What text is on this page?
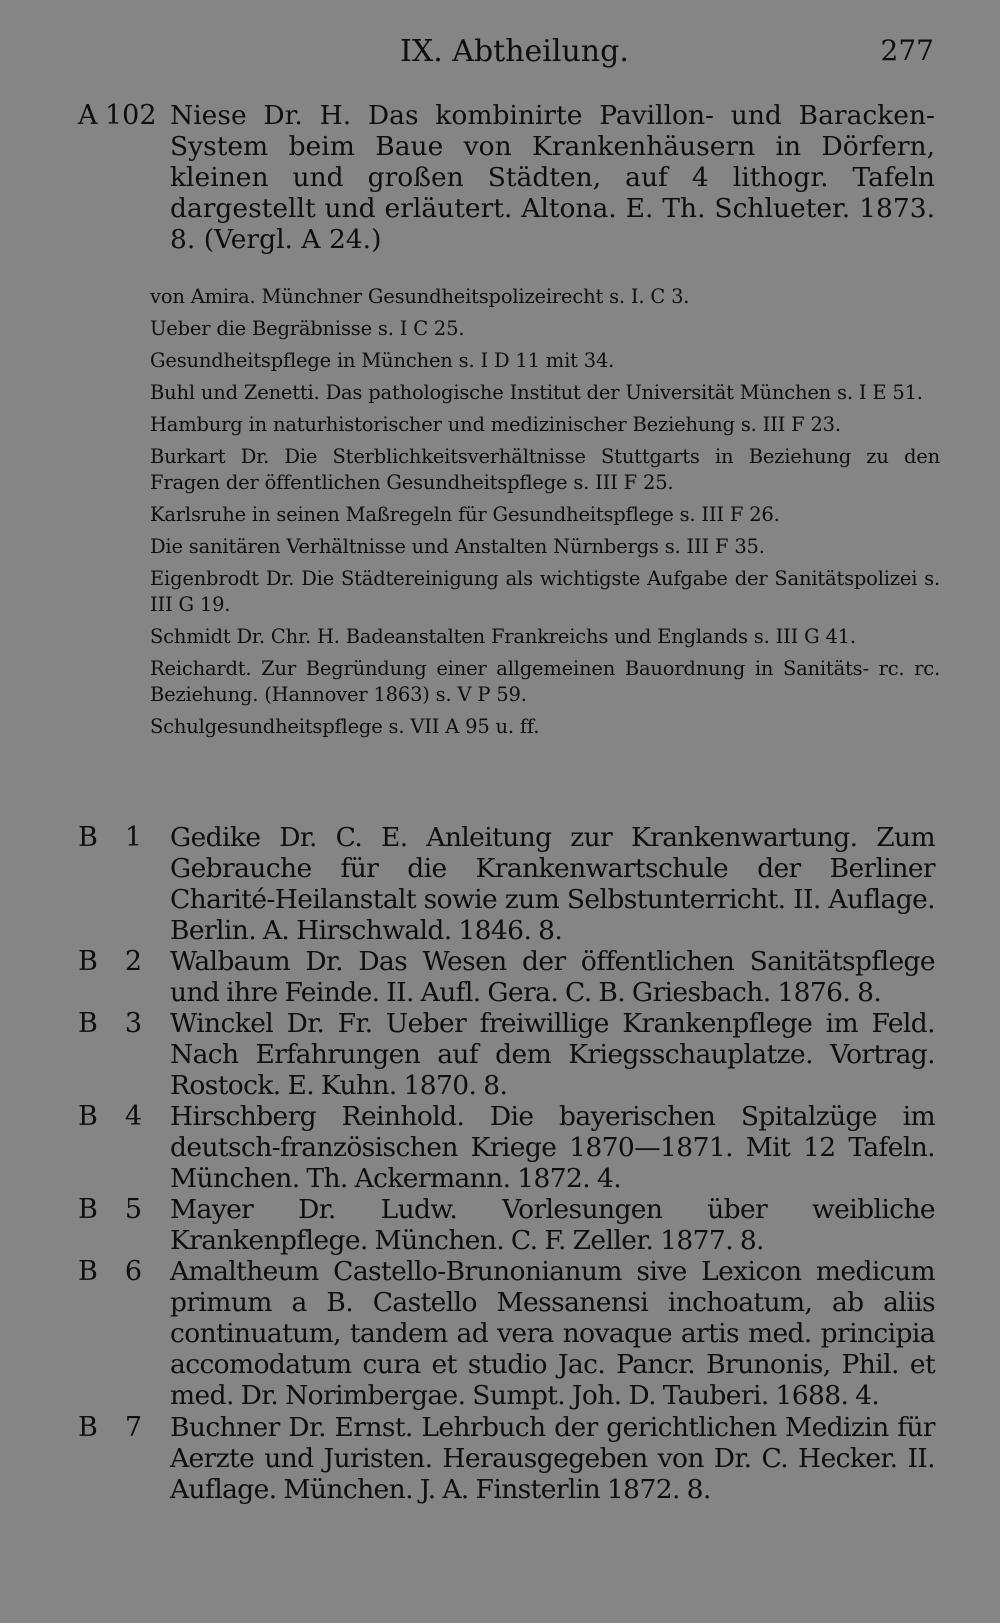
IX. Abtheilung.	277
A 102 Niese Dr. H. Das kombinirte Pavillon- und Baracken-System beim Baue von Krankenhäusern in Dörfern, kleinen und großen Städten, auf 4 lithogr. Tafeln dargestellt und erläutert. Altona. E. Th. Schlueter. 1873. 8. (Vergl. A 24.)

von Amira. Münchner Gesundheitspolizeirecht s. I. C 3.

Ueber die Begräbnisse s. I C 25.

Gesundheitspflege in München s. I D 11 mit 34.

Buhl und Zenetti. Das pathologische Institut der Universität München s. I E 51.

Hamburg in naturhistorischer und medizinischer Beziehung s. III F 23.

Burkart Dr. Die Sterblichkeitsverhältnisse Stuttgarts in Beziehung zu den Fragen der öffentlichen Gesundheitspflege s. III F 25.

Karlsruhe in seinen Maßregeln für Gesundheitspflege s. III F 26.

Die sanitären Verhältnisse und Anstalten Nürnbergs s. III F 35.

Eigenbrodt Dr. Die Städtereinigung als wichtigste Aufgabe der Sanitätspolizei s. III G 19.

Schmidt Dr. Chr. H. Badeanstalten Frankreichs und Englands s. III G 41.

Reichardt. Zur Begründung einer allgemeinen Bauordnung in Sanitäts- rc. rc. Beziehung. (Hannover 1863) s. V P 59.

Schulgesundheitspflege s. VII A 95 u. ff.

B 1 Gedike Dr. C. E. Anleitung zur Krankenwartung. Zum Gebrauche für die Krankenwartschule der Berliner Charité-Heilanstalt sowie zum Selbstunterricht. II. Auflage. Berlin. A. Hirschwald. 1846. 8.
B 2 Walbaum Dr. Das Wesen der öffentlichen Sanitätspflege und ihre Feinde. II. Aufl. Gera. C. B. Griesbach. 1876. 8.
B 3 Winckel Dr. Fr. Ueber freiwillige Krankenpflege im Feld. Nach Erfahrungen auf dem Kriegsschauplatze. Vortrag. Rostock. E. Kuhn. 1870. 8.
B 4 Hirschberg Reinhold. Die bayerischen Spitalzüge im deutsch-französischen Kriege 1870—1871. Mit 12 Tafeln. München. Th. Ackermann. 1872. 4.
B 5 Mayer Dr. Ludw. Vorlesungen über weibliche Krankenpflege. München. C. F. Zeller. 1877. 8.
B 6 Amaltheum Castello-Brunonianum sive Lexicon medicum primum a B. Castello Messanensi inchoatum, ab aliis continuatum, tandem ad vera novaque artis med. principia accomodatum cura et studio Jac. Pancr. Brunonis, Phil. et med. Dr. Norimbergae. Sumpt. Joh. D. Tauberi. 1688. 4.
B 7 Buchner Dr. Ernst. Lehrbuch der gerichtlichen Medizin für Aerzte und Juristen. Herausgegeben von Dr. C. Hecker. II. Auflage. München. J. A. Finsterlin 1872. 8.
